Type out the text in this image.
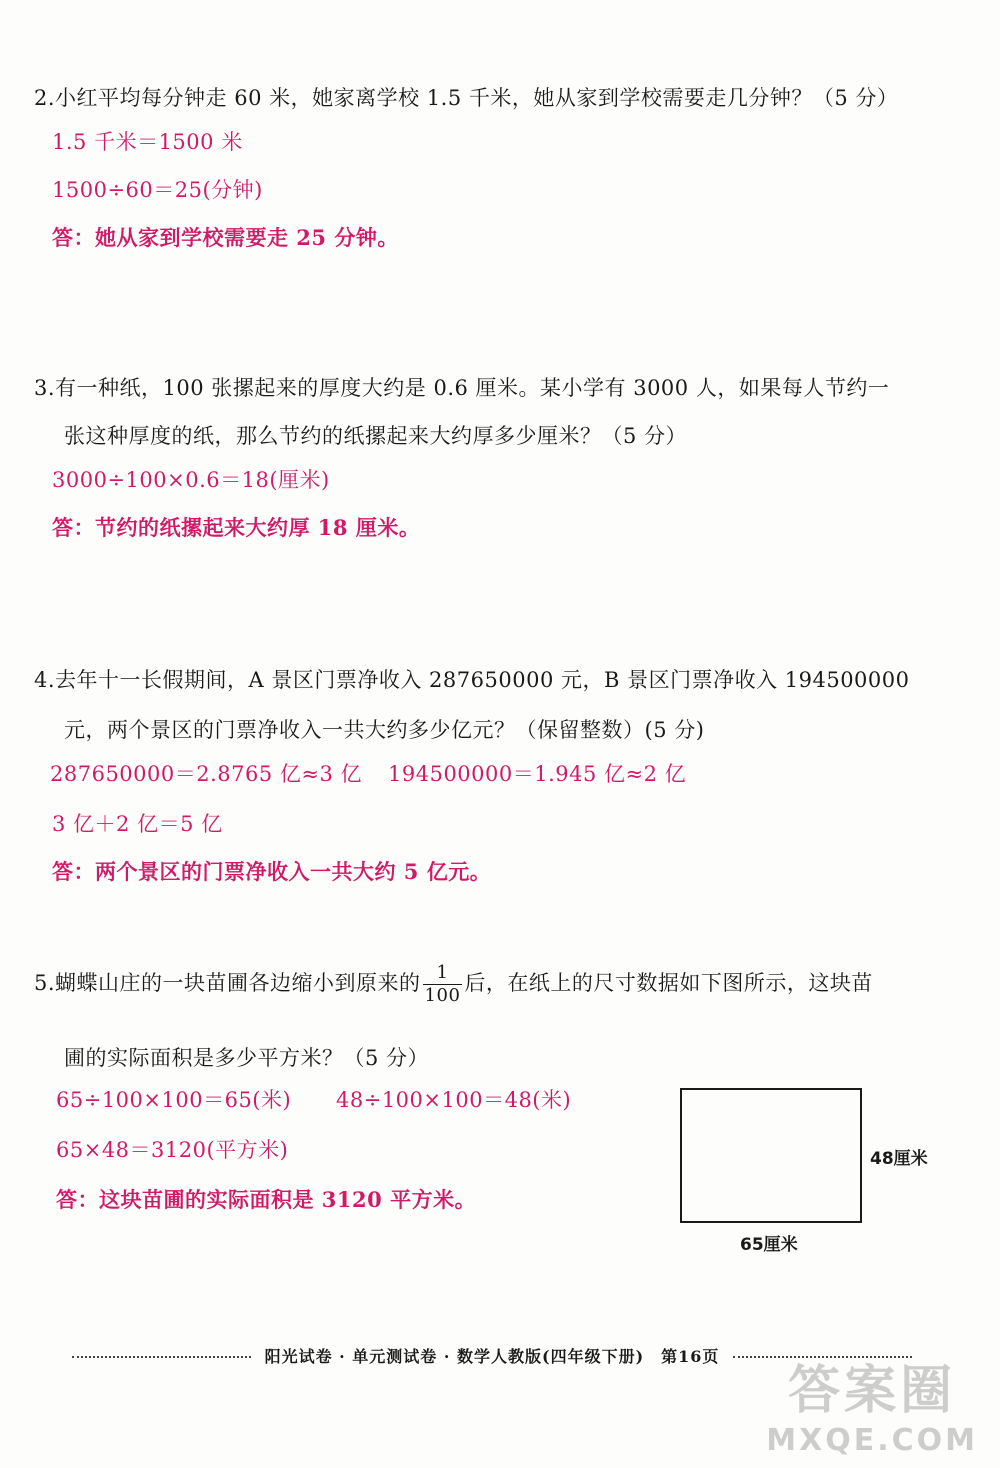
2.小红平均每分钟走 60 米，她家离学校 1.5 千米，她从家到学校需要走几分钟？（5 分）
1.5 千米＝1500 米
1500÷60＝25(分钟)
答：她从家到学校需要走 25 分钟。
3.有一种纸，100 张摞起来的厚度大约是 0.6 厘米。某小学有 3000 人，如果每人节约一
张这种厚度的纸，那么节约的纸摞起来大约厚多少厘米？（5 分）
3000÷100×0.6＝18(厘米)
答：节约的纸摞起来大约厚 18 厘米。
4.去年十一长假期间，A 景区门票净收入 287650000 元，B 景区门票净收入 194500000
元，两个景区的门票净收入一共大约多少亿元？（保留整数）(5 分)
287650000＝2.8765 亿≈3 亿 194500000＝1.945 亿≈2 亿
3 亿＋2 亿＝5 亿
答：两个景区的门票净收入一共大约 5 亿元。
5.蝴蝶山庄的一块苗圃各边缩小到原来的 $\frac{1}{100}$ 后，在纸上的尺寸数据如下图所示，这块苗
圃的实际面积是多少平方米？（5 分）
65÷100×100＝65(米) 48÷100×100＝48(米)
65×48＝3120(平方米)
答：这块苗圃的实际面积是 3120 平方米。
48厘米
65厘米
阳光试卷 · 单元测试卷 · 数学人教版(四年级下册)　第16页
答案圈
MXQE.COM
